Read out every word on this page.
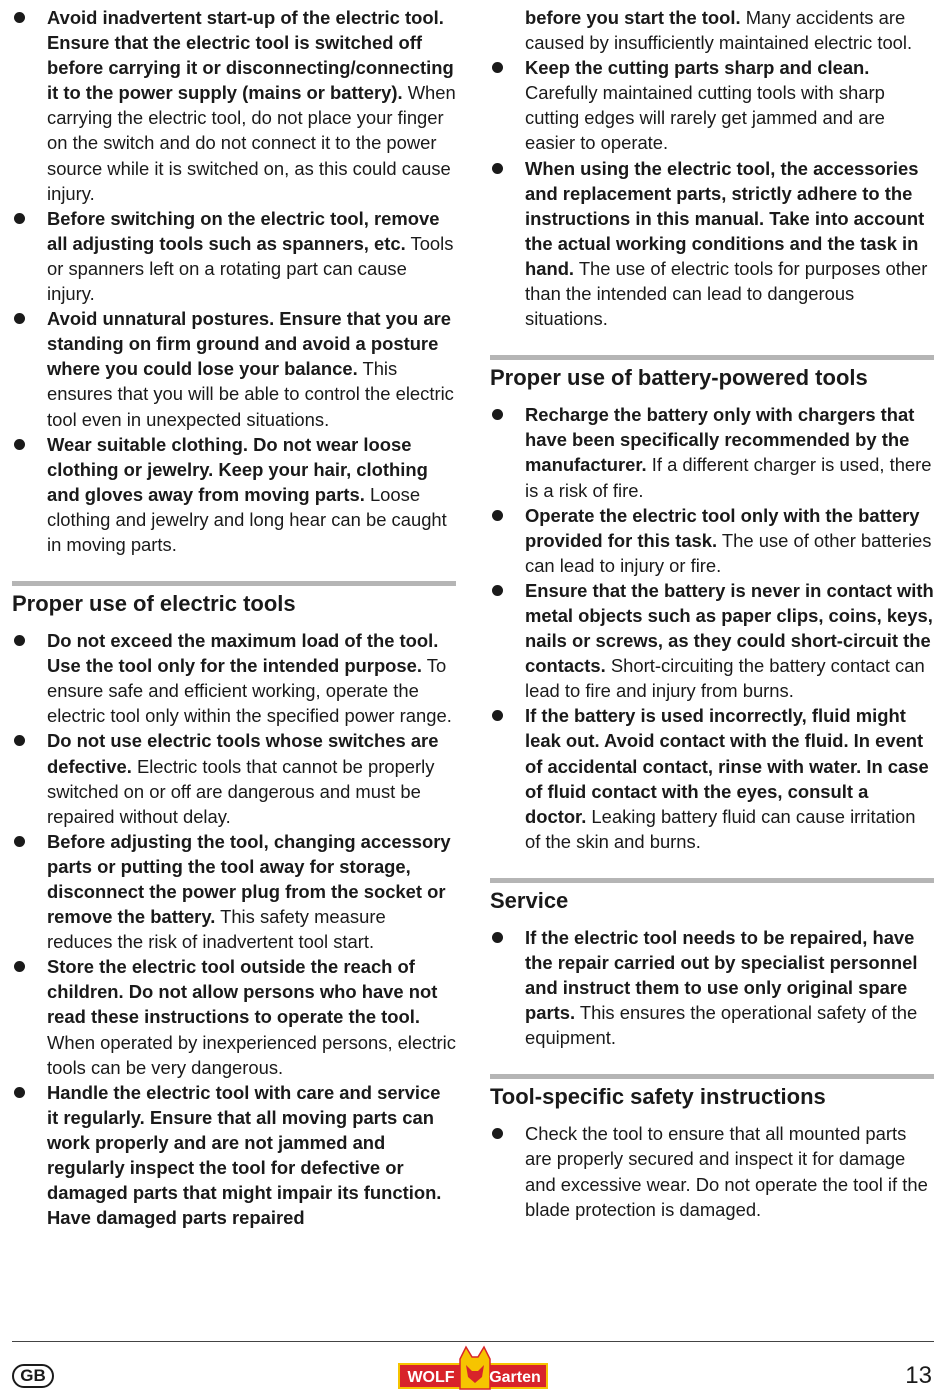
Avoid inadvertent start-up of the electric tool. Ensure that the electric tool is switched off before carrying it or disconnecting/connecting it to the power supply (mains or battery). When carrying the electric tool, do not place your finger on the switch and do not connect it to the power source while it is switched on, as this could cause injury.
Before switching on the electric tool, remove all adjusting tools such as spanners, etc. Tools or spanners left on a rotating part can cause injury.
Avoid unnatural postures. Ensure that you are standing on firm ground and avoid a posture where you could lose your balance. This ensures that you will be able to control the electric tool even in unexpected situations.
Wear suitable clothing. Do not wear loose clothing or jewelry. Keep your hair, clothing and gloves away from moving parts. Loose clothing and jewelry and long hear can be caught in moving parts.
Proper use of electric tools
Do not exceed the maximum load of the tool. Use the tool only for the intended purpose. To ensure safe and efficient working, operate the electric tool only within the specified power range.
Do not use electric tools whose switches are defective. Electric tools that cannot be properly switched on or off are dangerous and must be repaired without delay.
Before adjusting the tool, changing accessory parts or putting the tool away for storage, disconnect the power plug from the socket or remove the battery. This safety measure reduces the risk of inadvertent tool start.
Store the electric tool outside the reach of children. Do not allow persons who have not read these instructions to operate the tool. When operated by inexperienced persons, electric tools can be very dangerous.
Handle the electric tool with care and service it regularly. Ensure that all moving parts can work properly and are not jammed and regularly inspect the tool for defective or damaged parts that might impair its function. Have damaged parts repaired
before you start the tool. Many accidents are caused by insufficiently maintained electric tool.
Keep the cutting parts sharp and clean. Carefully maintained cutting tools with sharp cutting edges will rarely get jammed and are easier to operate.
When using the electric tool, the accessories and replacement parts, strictly adhere to the instructions in this manual. Take into account the actual working conditions and the task in hand. The use of electric tools for purposes other than the intended can lead to dangerous situations.
Proper use of battery-powered tools
Recharge the battery only with chargers that have been specifically recommended by the manufacturer. If a different charger is used, there is a risk of fire.
Operate the electric tool only with the battery provided for this task. The use of other batteries can lead to injury or fire.
Ensure that the battery is never in contact with metal objects such as paper clips, coins, keys, nails or screws, as they could short-circuit the contacts. Short-circuiting the battery contact can lead to fire and injury from burns.
If the battery is used incorrectly, fluid might leak out. Avoid contact with the fluid. In event of accidental contact, rinse with water. In case of fluid contact with the eyes, consult a doctor. Leaking battery fluid can cause irritation of the skin and burns.
Service
If the electric tool needs to be repaired, have the repair carried out by specialist personnel and instruct them to use only original spare parts. This ensures the operational safety of the equipment.
Tool-specific safety instructions
Check the tool to ensure that all mounted parts are properly secured and inspect it for damage and excessive wear. Do not operate the tool if the blade protection is damaged.
GB	WOLF Garten	13
